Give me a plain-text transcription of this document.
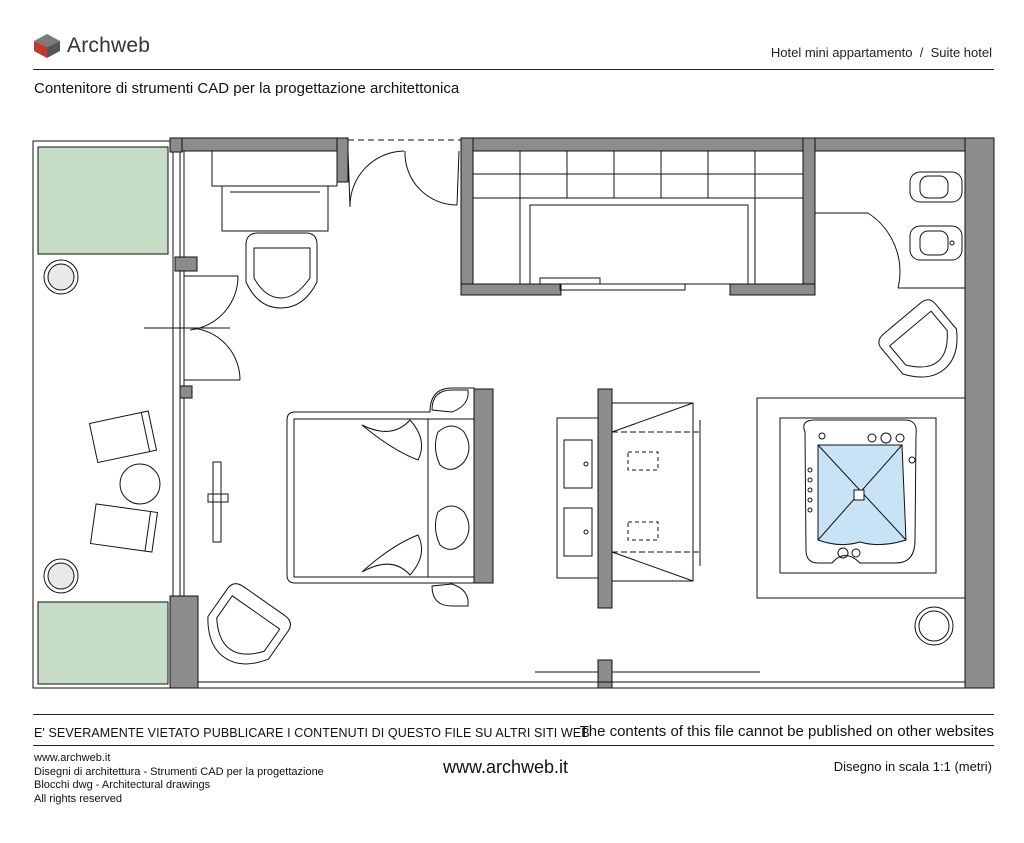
Archweb	Hotel mini appartamento  /  Suite hotel
Contenitore di strumenti CAD per la progettazione architettonica
E' SEVERAMENTE VIETATO PUBBLICARE I CONTENUTI DI QUESTO FILE SU ALTRI SITI WEB
The contents of this file cannot be published on other websites
www.archweb.it
Disegni di architettura - Strumenti CAD per la progettazione
Blocchi dwg - Architectural drawings
All rights reserved
www.archweb.it	Disegno in scala 1:1 (metri)
